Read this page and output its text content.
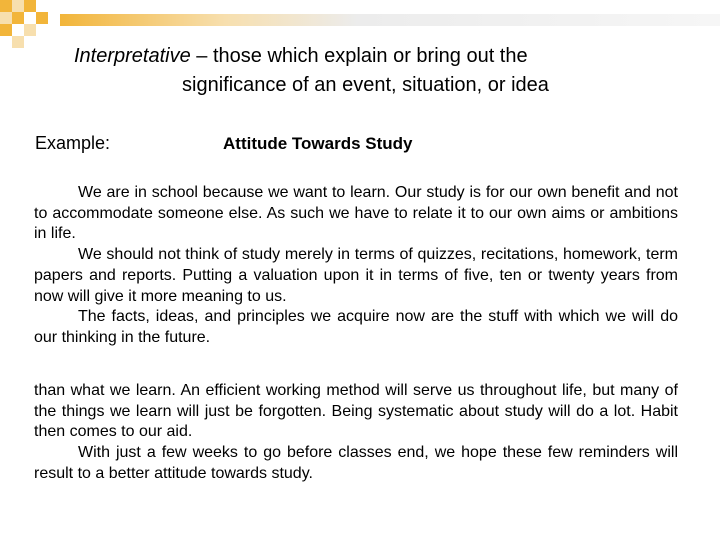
Interpretative – those which explain or bring out the
significance of an event, situation, or idea
Example:	Attitude Towards Study
We are in school because we want to learn. Our study is for our own benefit and not to accommodate someone else. As such we have to relate it to our own aims or ambitions in life.
We should not think of study merely in terms of quizzes, recitations, homework, term papers and reports. Putting a valuation upon it in terms of five, ten or twenty years from now will give it more meaning to us.
The facts, ideas, and principles we acquire now are the stuff with which we will do our thinking in the future.
than what we learn. An efficient working method will serve us throughout life, but many of the things we learn will just be forgotten. Being systematic about study will do a lot. Habit then comes to our aid.
With just a few weeks to go before classes end, we hope these few reminders will result to a better attitude towards study.
